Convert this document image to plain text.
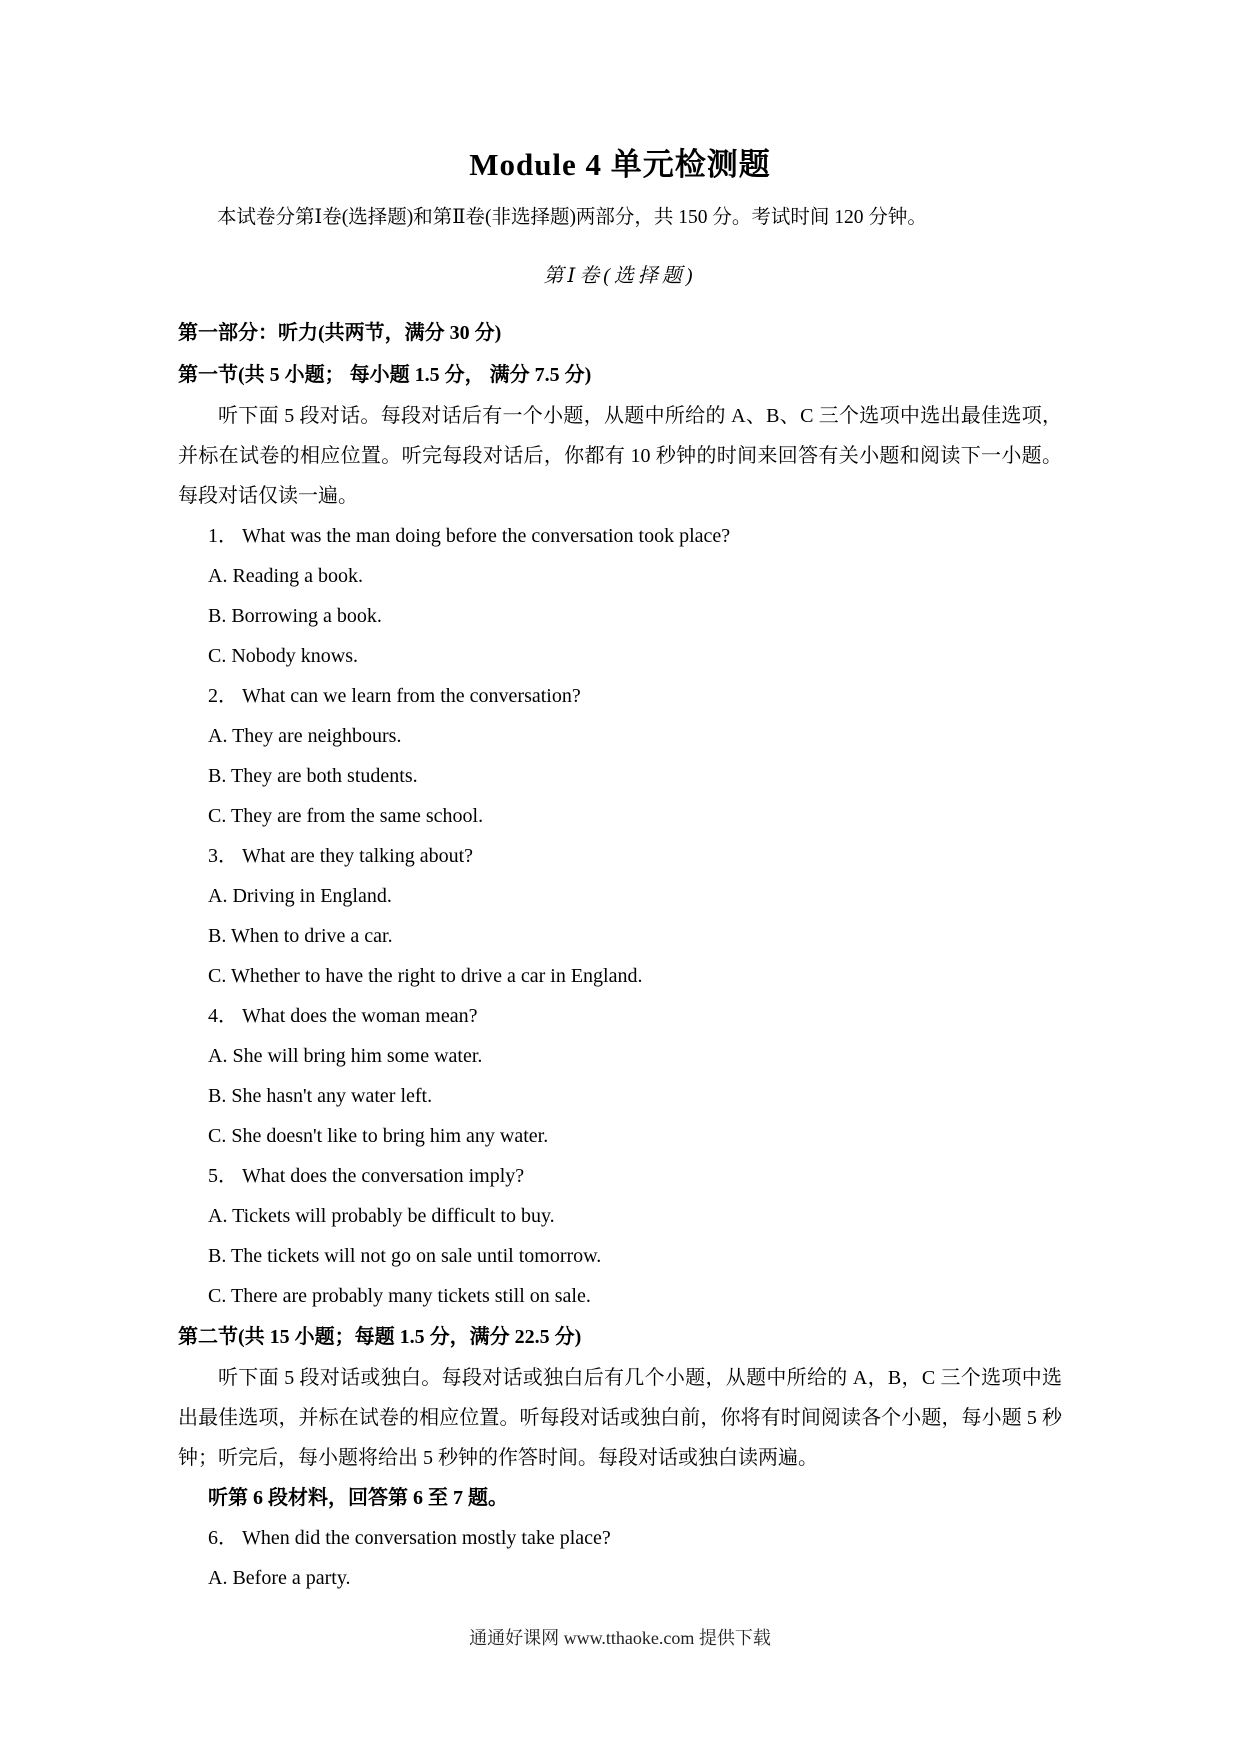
Module 4 单元检测题

本试卷分第Ⅰ卷(选择题)和第Ⅱ卷(非选择题)两部分，共 150 分。考试时间 120 分钟。

第Ⅰ卷(选择题)
第一部分：听力(共两节，满分 30 分)
第一节(共 5 小题； 每小题 1.5 分， 满分 7.5 分)

听下面 5 段对话。每段对话后有一个小题，从题中所给的 A、B、C 三个选项中选出最佳选项，并标在试卷的相应位置。听完每段对话后，你都有 10 秒钟的时间来回答有关小题和阅读下一小题。每段对话仅读一遍。

1． What was the man doing before the conversation took place?
A. Reading a book.
B. Borrowing a book.
C. Nobody knows.
2． What can we learn from the conversation?
A. They are neighbours.
B. They are both students.
C. They are from the same school.
3． What are they talking about?
A. Driving in England.
B. When to drive a car.
C. Whether to have the right to drive a car in England.
4． What does the woman mean?
A. She will bring him some water.
B. She hasn't any water left.
C. She doesn't like to bring him any water.
5． What does the conversation imply?
A. Tickets will probably be difficult to buy.
B. The tickets will not go on sale until tomorrow.
C. There are probably many tickets still on sale.
第二节(共 15 小题；每题 1.5 分，满分 22.5 分)

听下面 5 段对话或独白。每段对话或独白后有几个小题，从题中所给的 A，B，C 三个选项中选出最佳选项，并标在试卷的相应位置。听每段对话或独白前，你将有时间阅读各个小题，每小题 5 秒钟；听完后，每小题将给出 5 秒钟的作答时间。每段对话或独白读两遍。

听第 6 段材料，回答第 6 至 7 题。
6． When did the conversation mostly take place?
A. Before a party.
通通好课网 www.tthaoke.com 提供下载
